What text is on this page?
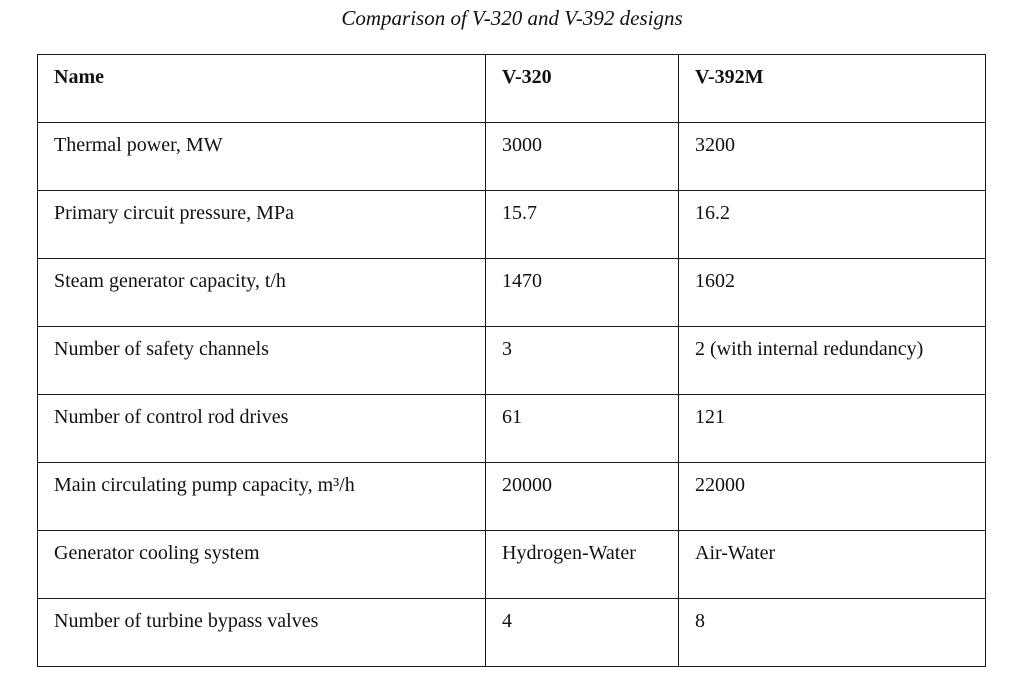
Comparison of V-320 and V-392 designs
Name	V-320	V-392M
Thermal power, MW	3000	3200
Primary circuit pressure, MPa	15.7	16.2
Steam generator capacity, t/h	1470	1602
Number of safety channels	3	2 (with internal redundancy)
Number of control rod drives	61	121
Main circulating pump capacity, m³/h	20000	22000
Generator cooling system	Hydrogen-Water	Air-Water
Number of turbine bypass valves	4	8
